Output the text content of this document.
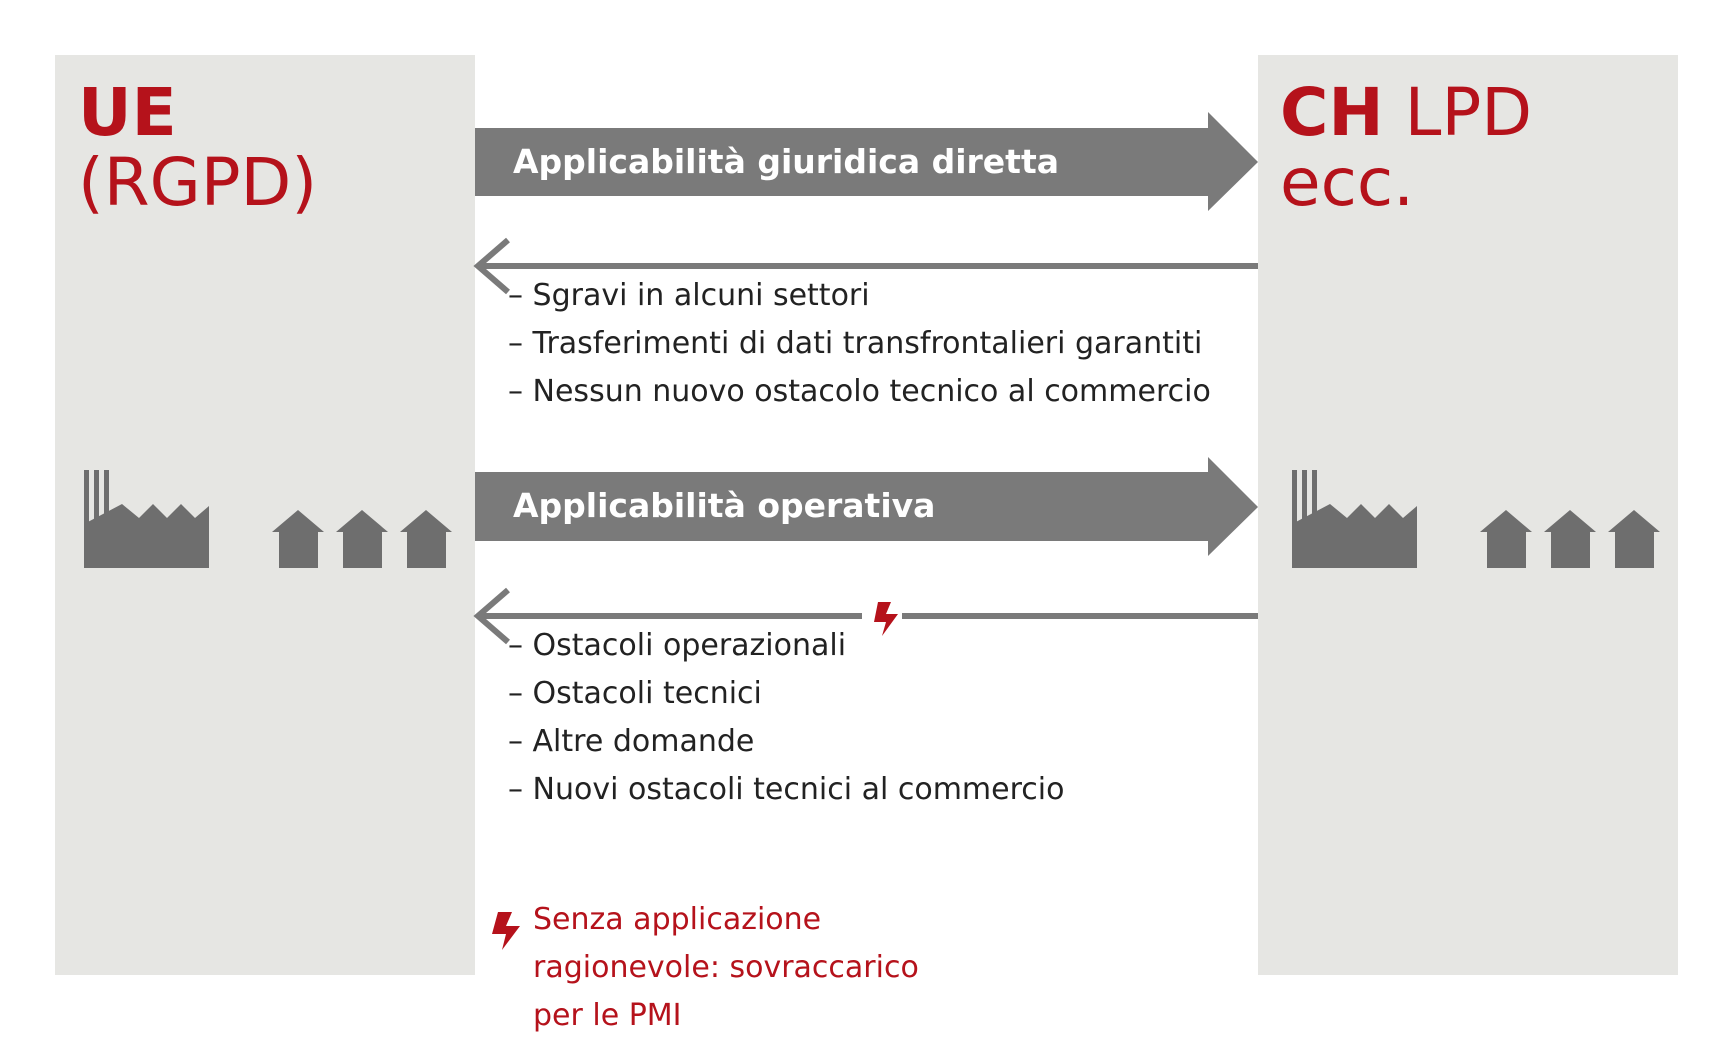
UE
(RGPD)
CH LPD
ecc.
Applicabilità giuridica diretta
Applicabilità operativa
– Sgravi in alcuni settori
– Trasferimenti di dati transfrontalieri garantiti
– Nessun nuovo ostacolo tecnico al commercio
– Ostacoli operazionali
– Ostacoli tecnici
– Altre domande
– Nuovi ostacoli tecnici al commercio
Senza applicazione
ragionevole: sovraccarico
per le PMI
